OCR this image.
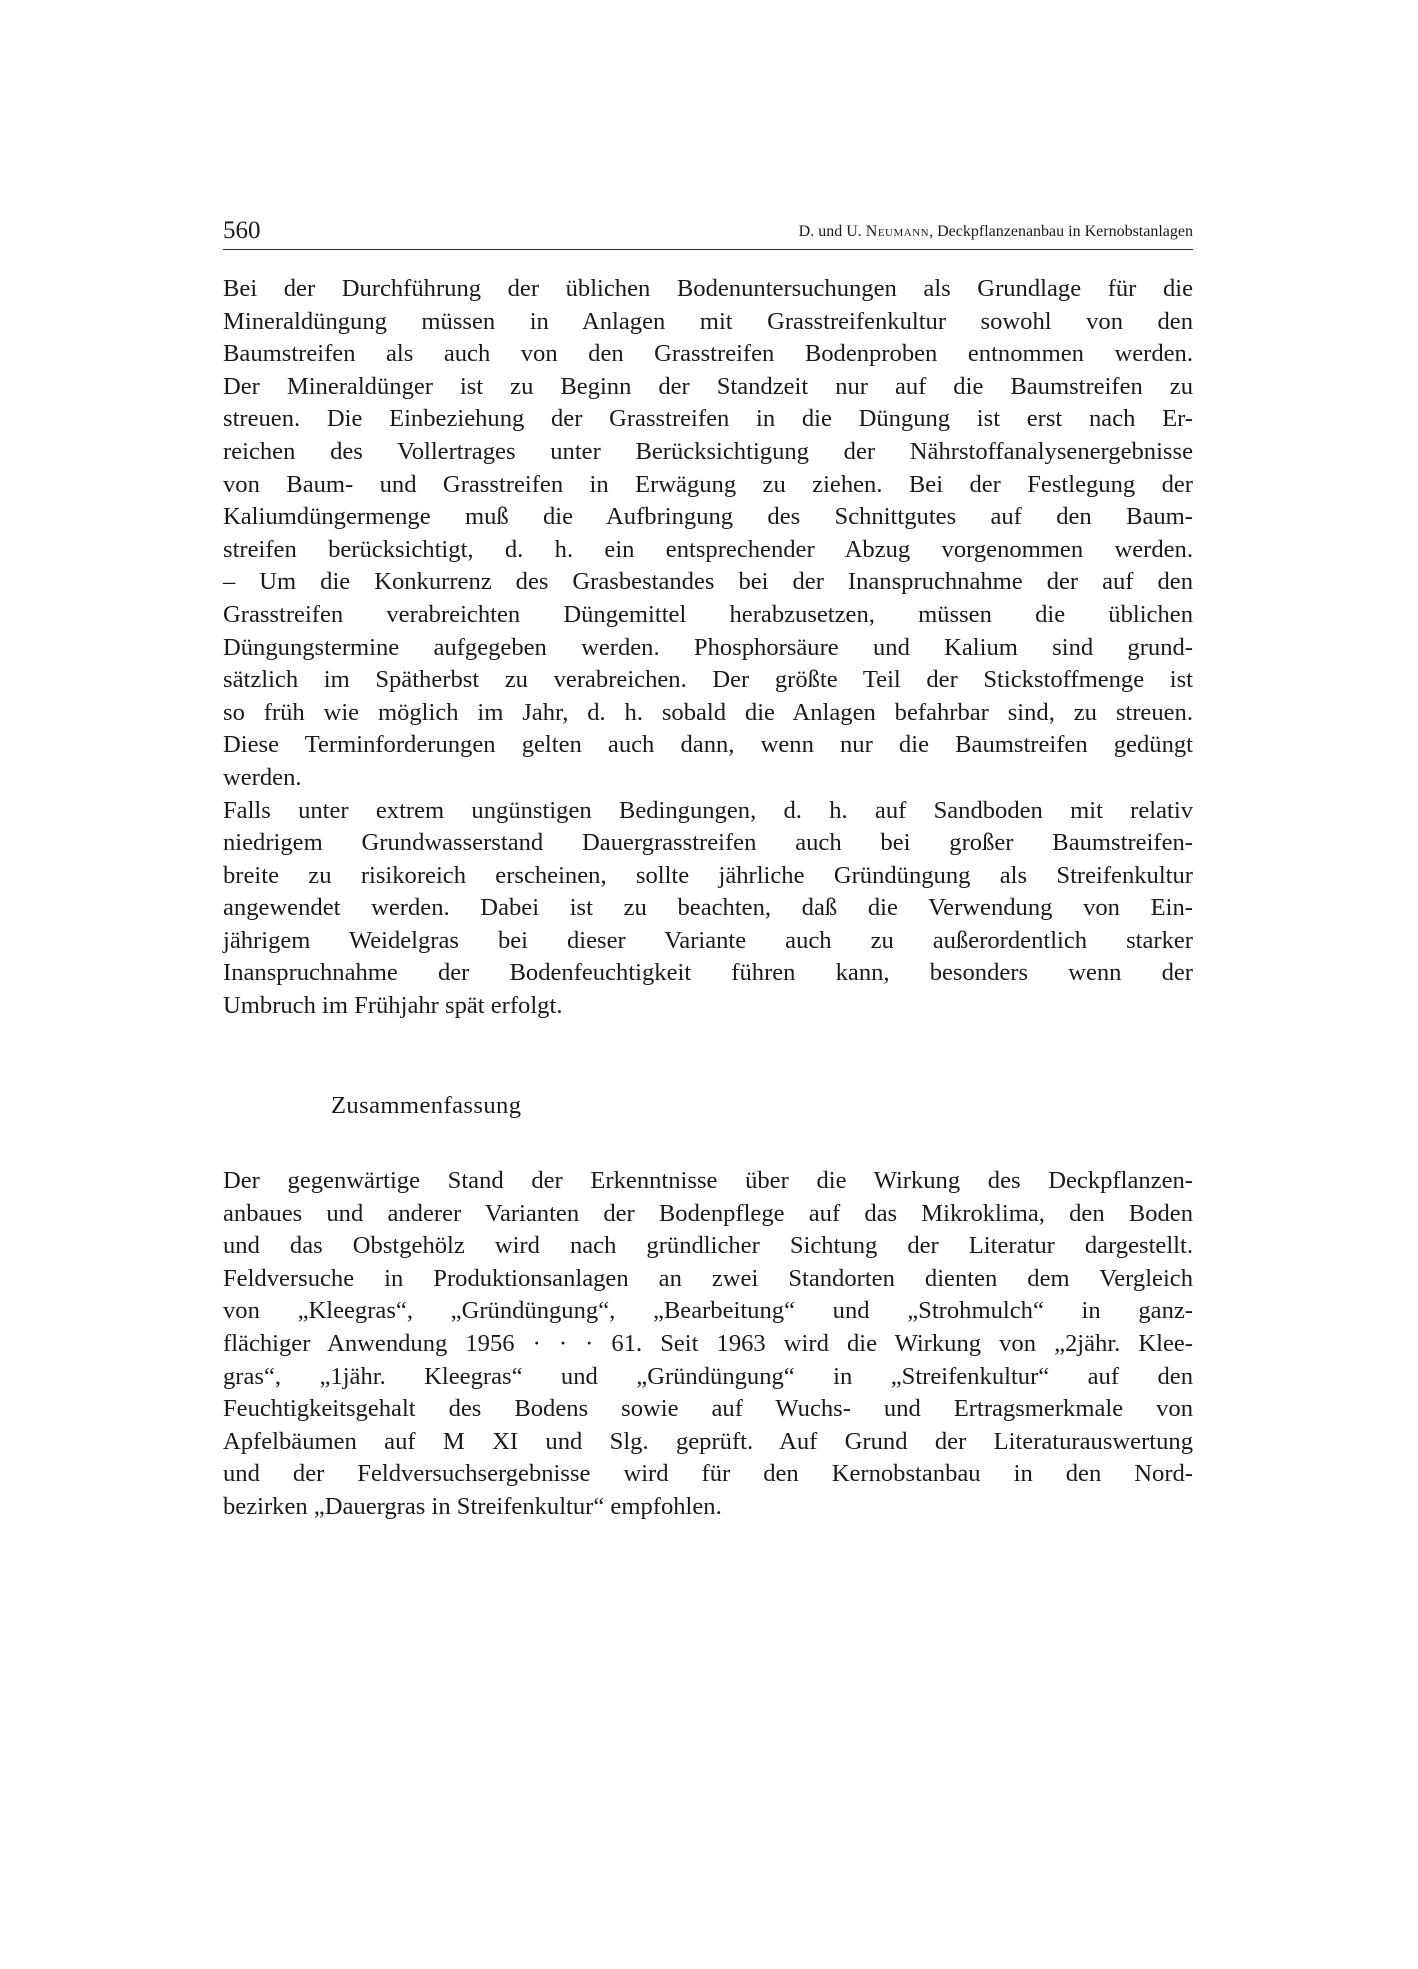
560	D. und U. Neumann, Deckpflanzenanbau in Kernobstanlagen
Bei der Durchführung der üblichen Bodenuntersuchungen als Grundlage für die
Mineraldüngung müssen in Anlagen mit Grasstreifenkultur sowohl von den
Baumstreifen als auch von den Grasstreifen Bodenproben entnommen werden.
Der Mineraldünger ist zu Beginn der Standzeit nur auf die Baumstreifen zu
streuen. Die Einbeziehung der Grasstreifen in die Düngung ist erst nach Er-
reichen des Vollertrages unter Berücksichtigung der Nährstoffanalysenergebnisse
von Baum- und Grasstreifen in Erwägung zu ziehen. Bei der Festlegung der
Kaliumdüngermenge muß die Aufbringung des Schnittgutes auf den Baum-
streifen berücksichtigt, d. h. ein entsprechender Abzug vorgenommen werden.
– Um die Konkurrenz des Grasbestandes bei der Inanspruchnahme der auf den
Grasstreifen verabreichten Düngemittel herabzusetzen, müssen die üblichen
Düngungstermine aufgegeben werden. Phosphorsäure und Kalium sind grund-
sätzlich im Spätherbst zu verabreichen. Der größte Teil der Stickstoffmenge ist
so früh wie möglich im Jahr, d. h. sobald die Anlagen befahrbar sind, zu streuen.
Diese Terminforderungen gelten auch dann, wenn nur die Baumstreifen gedüngt
werden.
Falls unter extrem ungünstigen Bedingungen, d. h. auf Sandboden mit relativ
niedrigem Grundwasserstand Dauergrasstreifen auch bei großer Baumstreifen-
breite zu risikoreich erscheinen, sollte jährliche Gründüngung als Streifenkultur
angewendet werden. Dabei ist zu beachten, daß die Verwendung von Ein-
jährigem Weidelgras bei dieser Variante auch zu außerordentlich starker
Inanspruchnahme der Bodenfeuchtigkeit führen kann, besonders wenn der
Umbruch im Frühjahr spät erfolgt.
Zusammenfassung
Der gegenwärtige Stand der Erkenntnisse über die Wirkung des Deckpflanzen-
anbaues und anderer Varianten der Bodenpflege auf das Mikroklima, den Boden
und das Obstgehölz wird nach gründlicher Sichtung der Literatur dargestellt.
Feldversuche in Produktionsanlagen an zwei Standorten dienten dem Vergleich
von „Kleegras“, „Gründüngung“, „Bearbeitung“ und „Strohmulch“ in ganz-
flächiger Anwendung 1956 · · · 61. Seit 1963 wird die Wirkung von „2jähr. Klee-
gras“, „1jähr. Kleegras“ und „Gründüngung“ in „Streifenkultur“ auf den
Feuchtigkeitsgehalt des Bodens sowie auf Wuchs- und Ertragsmerkmale von
Apfelbäumen auf M XI und Slg. geprüft. Auf Grund der Literaturauswertung
und der Feldversuchsergebnisse wird für den Kernobstanbau in den Nord-
bezirken „Dauergras in Streifenkultur“ empfohlen.
